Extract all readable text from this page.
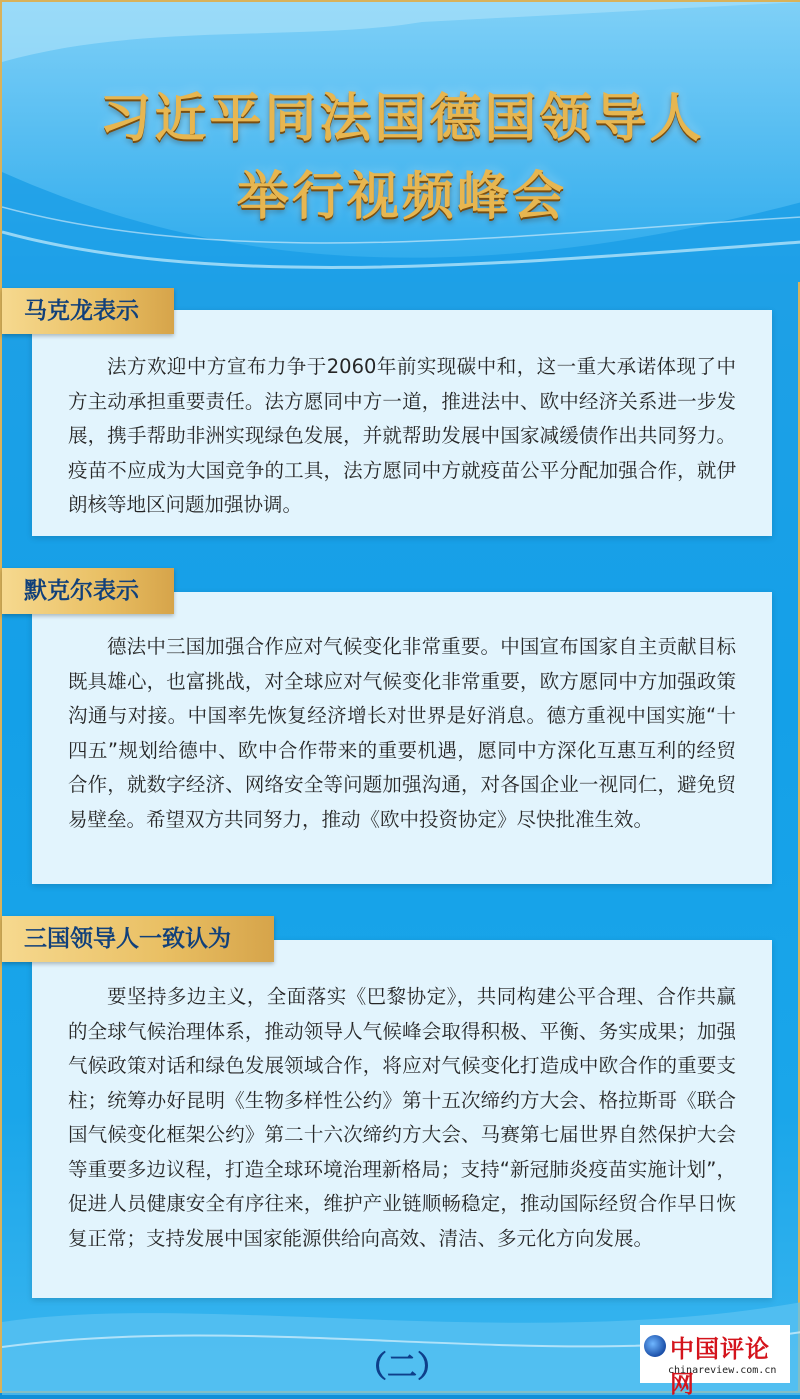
习近平同法国德国领导人
举行视频峰会
马克龙表示

法方欢迎中方宣布力争于2060年前实现碳中和，这一重大承诺体现了中方主动承担重要责任。法方愿同中方一道，推进法中、欧中经济关系进一步发展，携手帮助非洲实现绿色发展，并就帮助发展中国家减缓债作出共同努力。疫苗不应成为大国竞争的工具，法方愿同中方就疫苗公平分配加强合作，就伊朗核等地区问题加强协调。

默克尔表示

德法中三国加强合作应对气候变化非常重要。中国宣布国家自主贡献目标既具雄心，也富挑战，对全球应对气候变化非常重要，欧方愿同中方加强政策沟通与对接。中国率先恢复经济增长对世界是好消息。德方重视中国实施“十四五”规划给德中、欧中合作带来的重要机遇，愿同中方深化互惠互利的经贸合作，就数字经济、网络安全等问题加强沟通，对各国企业一视同仁，避免贸易壁垒。希望双方共同努力，推动《欧中投资协定》尽快批准生效。

三国领导人一致认为

要坚持多边主义，全面落实《巴黎协定》，共同构建公平合理、合作共赢的全球气候治理体系，推动领导人气候峰会取得积极、平衡、务实成果；加强气候政策对话和绿色发展领域合作，将应对气候变化打造成中欧合作的重要支柱；统筹办好昆明《生物多样性公约》第十五次缔约方大会、格拉斯哥《联合国气候变化框架公约》第二十六次缔约方大会、马赛第七届世界自然保护大会等重要多边议程，打造全球环境治理新格局；支持“新冠肺炎疫苗实施计划”，促进人员健康安全有序往来，维护产业链顺畅稳定，推动国际经贸合作早日恢复正常；支持发展中国家能源供给向高效、清洁、多元化方向发展。

（二）
中国评论网
chinareview.com.cn
